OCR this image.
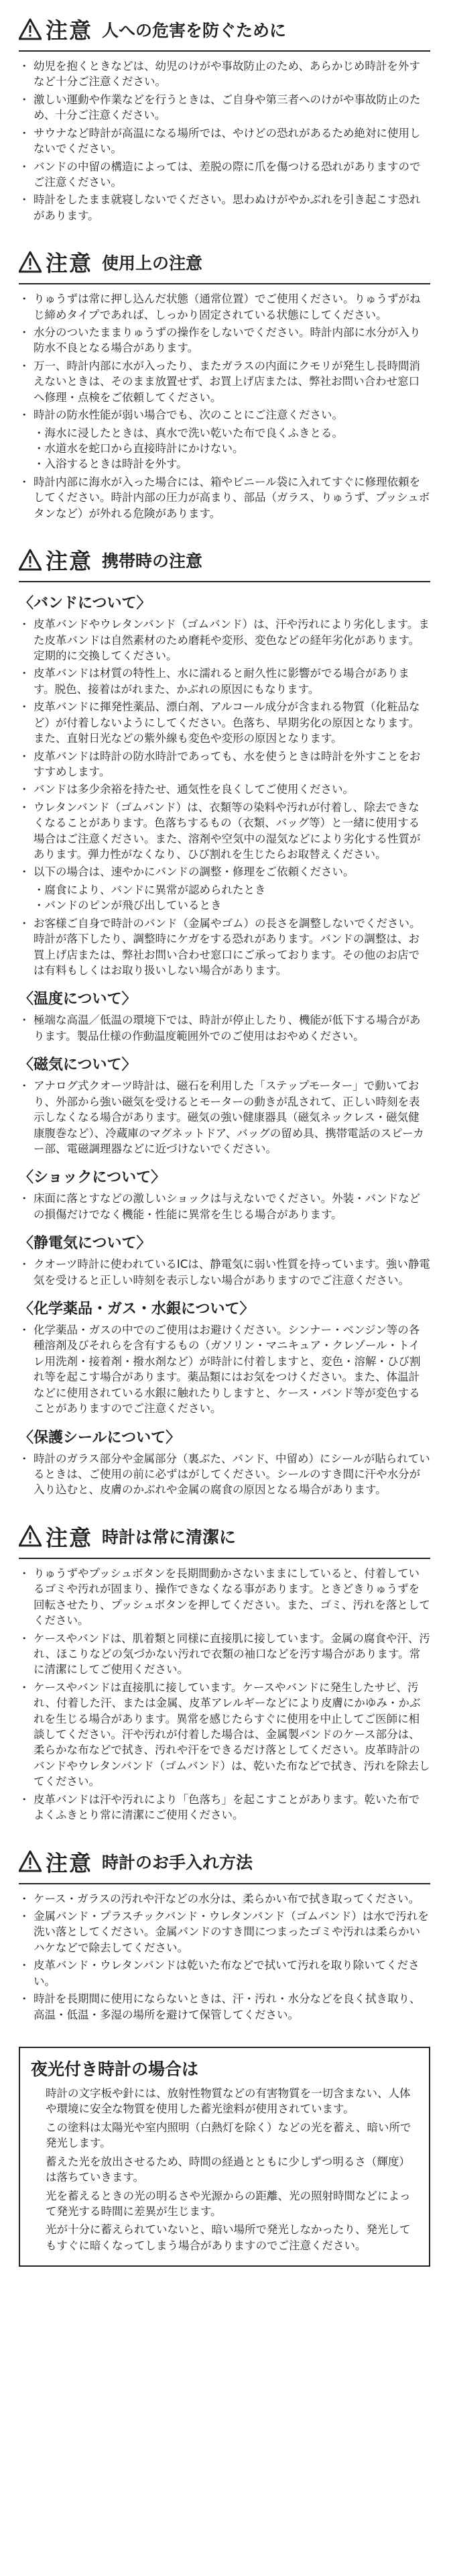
注意 人への危害を防ぐために
・ 幼児を抱くときなどは、幼児のけがや事故防止のため、あらかじめ時計を外すなど十分ご注意ください。
・ 激しい運動や作業などを行うときは、ご自身や第三者へのけがや事故防止のため、十分ご注意ください。
・ サウナなど時計が高温になる場所では、やけどの恐れがあるため絶対に使用しないでください。
・ バンドの中留の構造によっては、差脱の際に爪を傷つける恐れがありますのでご注意ください。
・ 時計をしたまま就寝しないでください。思わぬけがやかぶれを引き起こす恐れがあります。
注意 使用上の注意
・ りゅうずは常に押し込んだ状態（通常位置）でご使用ください。りゅうずがねじ締めタイプであれば、しっかり固定されている状態にしてください。
・ 水分のついたままりゅうずの操作をしないでください。時計内部に水分が入り防水不良となる場合があります。
・ 万一、時計内部に水が入ったり、またガラスの内面にクモリが発生し長時間消えないときは、そのまま放置せず、お買上げ店または、弊社お問い合わせ窓口へ修理・点検をご依頼してください。
・ 時計の防水性能が弱い場合でも、次のことにご注意ください。
・海水に浸したときは、真水で洗い乾いた布で良くふきとる。
・水道水を蛇口から直接時計にかけない。
・入浴するときは時計を外す。
・ 時計内部に海水が入った場合には、箱やビニール袋に入れてすぐに修理依頼をしてください。時計内部の圧力が高まり、部品（ガラス、りゅうず、プッシュボタンなど）が外れる危険があります。
注意 携帯時の注意
〈バンドについて〉
・ 皮革バンドやウレタンバンド（ゴムバンド）は、汗や汚れにより劣化します。また皮革バンドは自然素材のため磨耗や変形、変色などの経年劣化があります。定期的に交換してください。
・ 皮革バンドは材質の特性上、水に濡れると耐久性に影響がでる場合があります。脱色、接着はがれまた、かぶれの原因にもなります。
・ 皮革バンドに揮発性薬品、漂白剤、アルコール成分が含まれる物質（化粧品など）が付着しないようにしてください。色落ち、早期劣化の原因となります。また、直射日光などの紫外線も変色や変形の原因となります。
・ 皮革バンドは時計の防水時計であっても、水を使うときは時計を外すことをおすすめします。
・ バンドは多少余裕を持たせ、通気性を良くしてご使用ください。
・ ウレタンバンド（ゴムバンド）は、衣類等の染料や汚れが付着し、除去できなくなることがあります。色落ちするもの（衣類、バッグ等）と一緒に使用する場合はご注意ください。また、溶剤や空気中の湿気などにより劣化する性質があります。弾力性がなくなり、ひび割れを生じたらお取替えください。
・ 以下の場合は、速やかにバンドの調整・修理をご依頼ください。
・腐食により、バンドに異常が認められたとき
・バンドのピンが飛び出しているとき
・ お客様ご自身で時計のバンド（金属やゴム）の長さを調整しないでください。時計が落下したり、調整時にケガをする恐れがあります。バンドの調整は、お買上げ店または、弊社お問い合わせ窓口にご承っております。その他のお店では有料もしくはお取り扱いしない場合があります。
〈温度について〉
・ 極端な高温／低温の環境下では、時計が停止したり、機能が低下する場合があります。製品仕様の作動温度範囲外でのご使用はおやめください。
〈磁気について〉
・ アナログ式クオーツ時計は、磁石を利用した「ステップモーター」で動いており、外部から強い磁気を受けるとモーターの動きが乱されて、正しい時刻を表示しなくなる場合があります。磁気の強い健康器具（磁気ネックレス・磁気健康腹巻など）、冷蔵庫のマグネットドア、バッグの留め具、携帯電話のスピーカー部、電磁調理器などに近づけないでください。
〈ショックについて〉
・ 床面に落とすなどの激しいショックは与えないでください。外装・バンドなどの損傷だけでなく機能・性能に異常を生じる場合があります。
〈静電気について〉
・ クオーツ時計に使われているICは、静電気に弱い性質を持っています。強い静電気を受けると正しい時刻を表示しない場合がありますのでご注意ください。
〈化学薬品・ガス・水銀について〉
・ 化学薬品・ガスの中でのご使用はお避けください。シンナー・ベンジン等の各種溶剤及びそれらを含有するもの（ガソリン・マニキュア・クレゾール・トイレ用洗剤・接着剤・撥水剤など）が時計に付着しますと、変色・溶解・ひび割れ等を起こす場合があります。薬品類にはお気をつけください。また、体温計などに使用されている水銀に触れたりしますと、ケース・バンド等が変色することがありますのでご注意ください。
〈保護シールについて〉
・ 時計のガラス部分や金属部分（裏ぶた、バンド、中留め）にシールが貼られているときは、ご使用の前に必ずはがしてください。シールのすき間に汗や水分が入り込むと、皮膚のかぶれや金属の腐食の原因となる場合があります。
注意 時計は常に清潔に
・ りゅうずやプッシュボタンを長期間動かさないままにしていると、付着しているゴミや汚れが固まり、操作できなくなる事があります。ときどきりゅうずを回転させたり、プッシュボタンを押してください。また、ゴミ、汚れを落としてください。
・ ケースやバンドは、肌着類と同様に直接肌に接しています。金属の腐食や汗、汚れ、ほこりなどの気づかない汚れで衣類の袖口などを汚す場合があります。常に清潔にしてご使用ください。
・ ケースやバンドは直接肌に接しています。ケースやバンドに発生したサビ、汚れ、付着した汗、または金属、皮革アレルギーなどにより皮膚にかゆみ・かぶれを生じる場合があります。異常を感じたらすぐに使用を中止してご医師に相談してください。汗や汚れが付着した場合は、金属製バンドのケース部分は、柔らかな布などで拭き、汚れや汗をできるだけ落としてください。皮革時計のバンドやウレタンバンド（ゴムバンド）は、乾いた布などで拭き、汚れを除去してください。
・ 皮革バンドは汗や汚れにより「色落ち」を起こすことがあります。乾いた布でよくふきとり常に清潔にご使用ください。
注意 時計のお手入れ方法
・ ケース・ガラスの汚れや汗などの水分は、柔らかい布で拭き取ってください。
・ 金属バンド・プラスチックバンド・ウレタンバンド（ゴムバンド）は水で汚れを洗い落としてください。金属バンドのすき間につまったゴミや汚れは柔らかいハケなどで除去してください。
・ 皮革バンド・ウレタンバンドは乾いた布などで拭いて汚れを取り除いてください。
・ 時計を長期間に使用にならないときは、汗・汚れ・水分などを良く拭き取り、高温・低温・多湿の場所を避けて保管してください。
夜光付き時計の場合は

時計の文字板や針には、放射性物質などの有害物質を一切含まない、人体や環境に安全な物質を使用した蓄光塗料が使用されています。

この塗料は太陽光や室内照明（白熱灯を除く）などの光を蓄え、暗い所で発光します。

蓄えた光を放出させるため、時間の経過とともに少しずつ明るさ（輝度）は落ちていきます。

光を蓄えるときの光の明るさや光源からの距離、光の照射時間などによって発光する時間に差異が生じます。

光が十分に蓄えられていないと、暗い場所で発光しなかったり、発光してもすぐに暗くなってしまう場合がありますのでご注意ください。
